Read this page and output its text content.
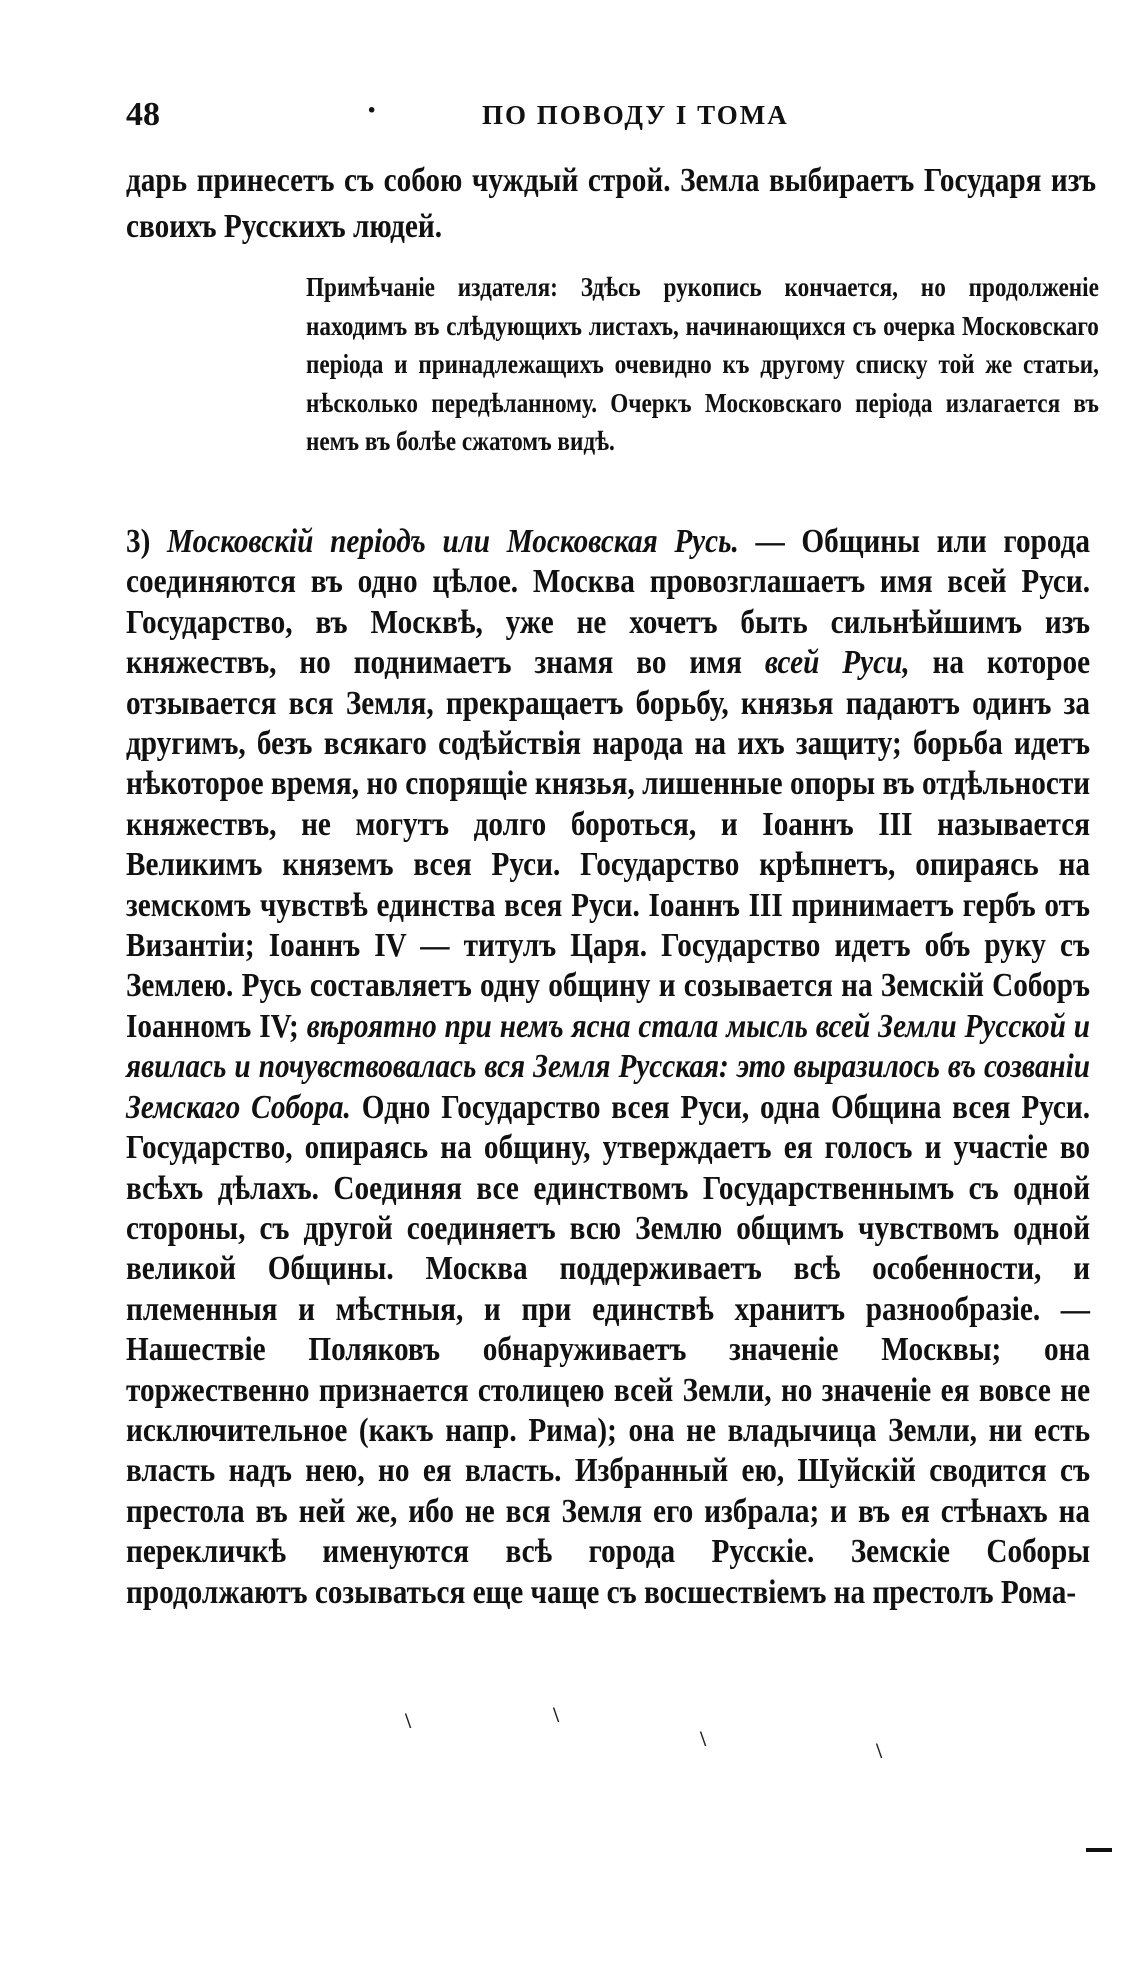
48	·	ПО ПОВОДУ I ТОМА
дарь принесетъ съ собою чуждый строй. Земла выбираетъ Государя изъ своихъ Русскихъ людей.
Примѣчаніе издателя: Здѣсь рукопись кончается, но продолженіе находимъ въ слѣдующихъ листахъ, начинающихся съ очерка Московскаго періода и принадлежащихъ очевидно къ другому списку той же статьи, нѣсколько передѣланному. Очеркъ Московскаго періода излагается въ немъ въ болѣе сжатомъ видѣ.
3) Московскій періодъ или Московская Русь. — Общины или города соединяются въ одно цѣлое. Москва провозглашаетъ имя всей Руси. Государство, въ Москвѣ, уже не хочетъ быть сильнѣйшимъ изъ княжествъ, но поднимаетъ знамя во имя всей Руси, на которое отзывается вся Земля, прекращаетъ борьбу, князья падаютъ одинъ за другимъ, безъ всякаго содѣйствія народа на ихъ защиту; борьба идетъ нѣкоторое время, но спорящіе князья, лишенные опоры въ отдѣльности княжествъ, не могутъ долго бороться, и Іоаннъ III называется Великимъ княземъ всея Руси. Государство крѣпнетъ, опираясь на земскомъ чувствѣ единства всея Руси. Іоаннъ III принимаетъ гербъ отъ Византіи; Іоаннъ IV — титулъ Царя. Государство идетъ объ руку съ Землею. Русь составляетъ одну общину и созывается на Земскій Соборъ Іоанномъ IV; вѣроятно при немъ ясна стала мысль всей Земли Русской и явилась и почувствовалась вся Земля Русская: это выразилось въ созваніи Земскаго Собора. Одно Государство всея Руси, одна Община всея Руси. Государство, опираясь на общину, утверждаетъ ея голосъ и участіе во всѣхъ дѣлахъ. Соединяя все единствомъ Государственнымъ съ одной стороны, съ другой соединяетъ всю Землю общимъ чувствомъ одной великой Общины. Москва поддерживаетъ всѣ особенности, и племенныя и мѣстныя, и при единствѣ хранитъ разнообразіе. — Нашествіе Поляковъ обнаруживаетъ значеніе Москвы; она торжественно признается столицею всей Земли, но значеніе ея вовсе не исключительное (какъ напр. Рима); она не владычица Земли, ни есть власть надъ нею, но ея власть. Избранный ею, Шуйскій сводится съ престола въ ней же, ибо не вся Земля его избрала; и въ ея стѣнахъ на перекличкѣ именуются всѣ города Русскіе. Земскіе Соборы продолжаютъ созываться еще чаще съ восшествіемъ на престолъ Рома-
\	\
\	\
